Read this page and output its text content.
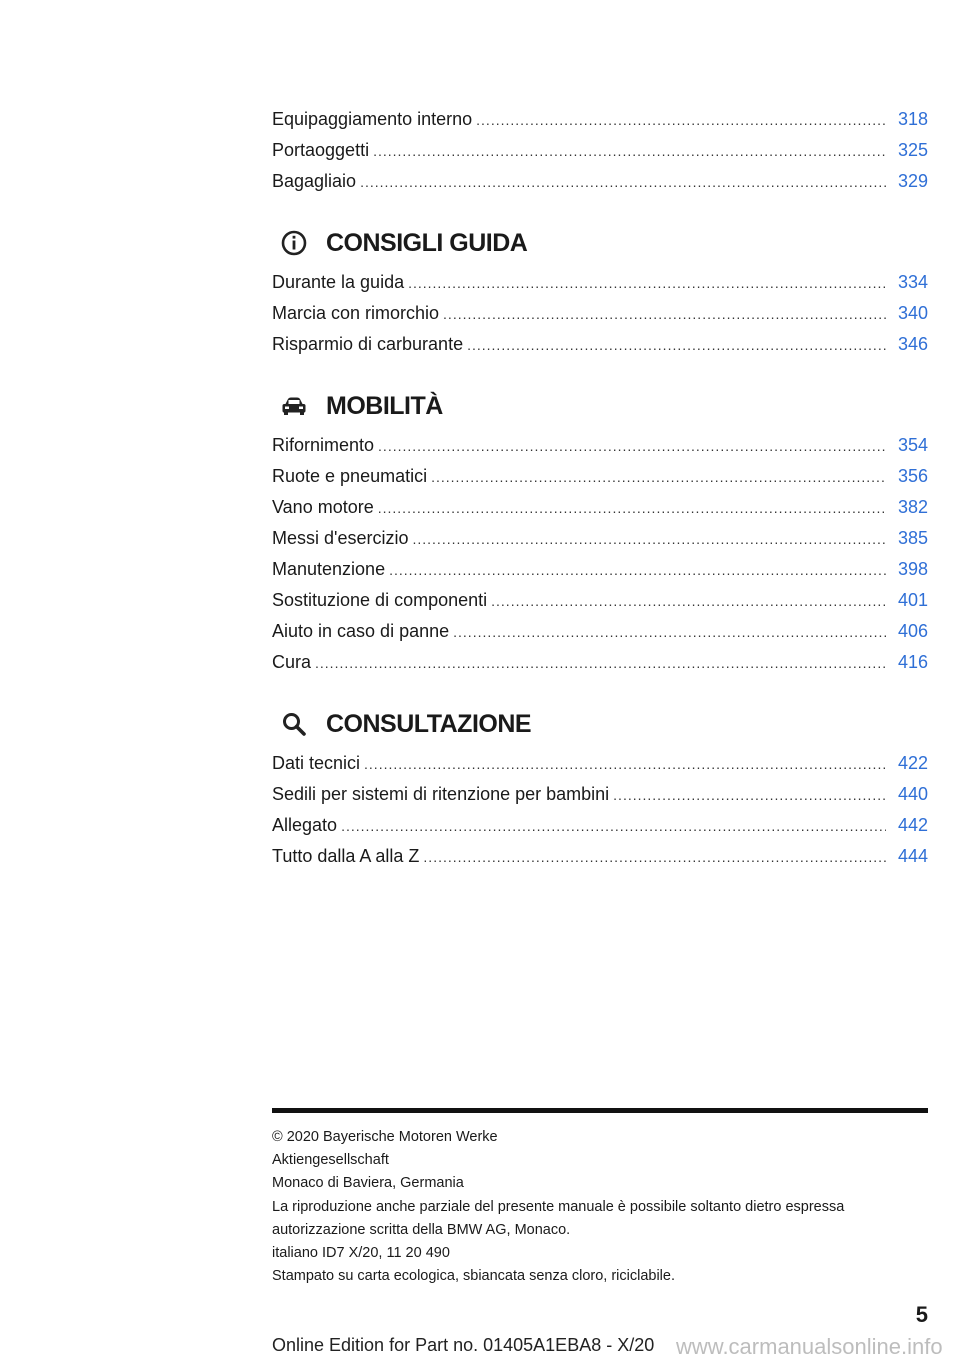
Equipaggiamento interno .....	318
Portaoggetti .....	325
Bagagliaio .....	329
CONSIGLI GUIDA
Durante la guida .....	334
Marcia con rimorchio .....	340
Risparmio di carburante .....	346
MOBILITÀ
Rifornimento .....	354
Ruote e pneumatici .....	356
Vano motore .....	382
Messi d'esercizio .....	385
Manutenzione .....	398
Sostituzione di componenti .....	401
Aiuto in caso di panne .....	406
Cura .....	416
CONSULTAZIONE
Dati tecnici .....	422
Sedili per sistemi di ritenzione per bambini .....	440
Allegato .....	442
Tutto dalla A alla Z .....	444
© 2020 Bayerische Motoren Werke
Aktiengesellschaft
Monaco di Baviera, Germania
La riproduzione anche parziale del presente manuale è possibile soltanto dietro espressa
autorizzazione scritta della BMW AG, Monaco.
italiano ID7 X/20, 11 20 490
Stampato su carta ecologica, sbiancata senza cloro, riciclabile.
5
Online Edition for Part no. 01405A1EBA8 - X/20 www.carmanualsonline.info
